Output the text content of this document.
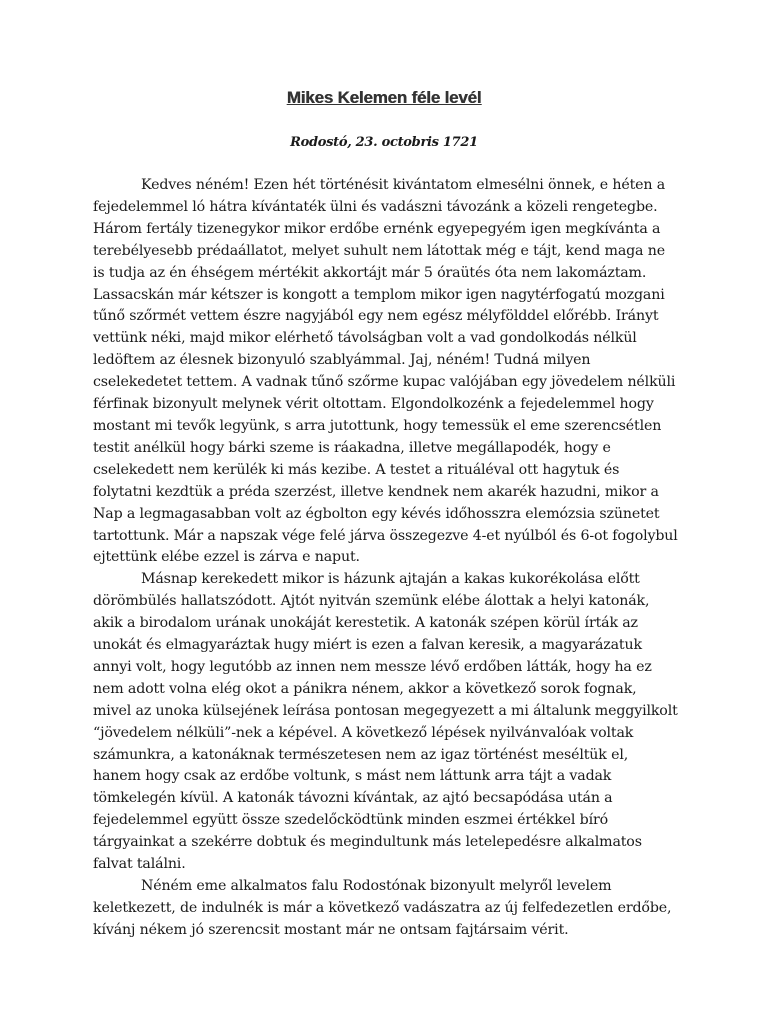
Mikes Kelemen féle levél
Rodostó, 23. octobris 1721

Kedves néném! Ezen hét történésit kivántatom elmesélni önnek, e héten a fejedelemmel ló hátra kívántaték ülni és vadászni távozánk a közeli rengetegbe. Három fertály tizenegykor mikor erdőbe ernénk egyepegyém igen megkívánta a terebélyesebb prédaállatot, melyet suhult nem látottak még e tájt, kend maga ne is tudja az én éhségem mértékit akkortájt már 5 óraütés óta nem lakomáztam. Lassacskán már kétszer is kongott a templom mikor igen nagytérfogatú mozgani tűnő szőrmét vettem észre nagyjából egy nem egész mélyfölddel előrébb. Irányt vettünk néki, majd mikor elérhető távolságban volt a vad gondolkodás nélkül ledöftem az élesnek bizonyuló szablyámmal. Jaj, néném! Tudná milyen cselekedetet tettem. A vadnak tűnő szőrme kupac valójában egy jövedelem nélküli férfinak bizonyult melynek vérit oltottam. Elgondolkozénk a fejedelemmel hogy mostant mi tevők legyünk, s arra jutottunk, hogy temessük el eme szerencsétlen testit anélkül hogy bárki szeme is ráakadna, illetve megállapodék, hogy e cselekedett nem kerülék ki más kezibe. A testet a rituáléval ott hagytuk és folytatni kezdtük a préda szerzést, illetve kendnek nem akarék hazudni, mikor a Nap a legmagasabban volt az égbolton egy kévés időhosszra elemózsia szünetet tartottunk. Már a napszak vége felé járva összegezve 4-et nyúlból és 6-ot fogolybul ejtettünk elébe ezzel is zárva e naput.

Másnap kerekedett mikor is házunk ajtaján a kakas kukorékolása előtt dörömbülés hallatszódott. Ajtót nyitván szemünk elébe álottak a helyi katonák, akik a birodalom urának unokáját kerestetik. A katonák szépen körül írták az unokát és elmagyaráztak hugy miért is ezen a falvan keresik, a magyarázatuk annyi volt, hogy legutóbb az innen nem messze lévő erdőben látták, hogy ha ez nem adott volna elég okot a pánikra nénem, akkor a következő sorok fognak, mivel az unoka külsejének leírása pontosan megegyezett a mi általunk meggyilkolt “jövedelem nélküli”-nek a képével. A következő lépések nyilvánvalóak voltak számunkra, a katonáknak természetesen nem az igaz történést meséltük el, hanem hogy csak az erdőbe voltunk, s mást nem láttunk arra tájt a vadak tömkelegén kívül. A katonák távozni kívántak, az ajtó becsapódása után a fejedelemmel együtt össze szedelőcködtünk minden eszmei értékkel bíró tárgyainkat a szekérre dobtuk és megindultunk más letelepedésre alkalmatos falvat találni.

Néném eme alkalmatos falu Rodostónak bizonyult melyről levelem keletkezett, de indulnék is már a következő vadászatra az új felfedezetlen erdőbe, kívánj nékem jó szerencsit mostant már ne ontsam fajtársaim vérit.
